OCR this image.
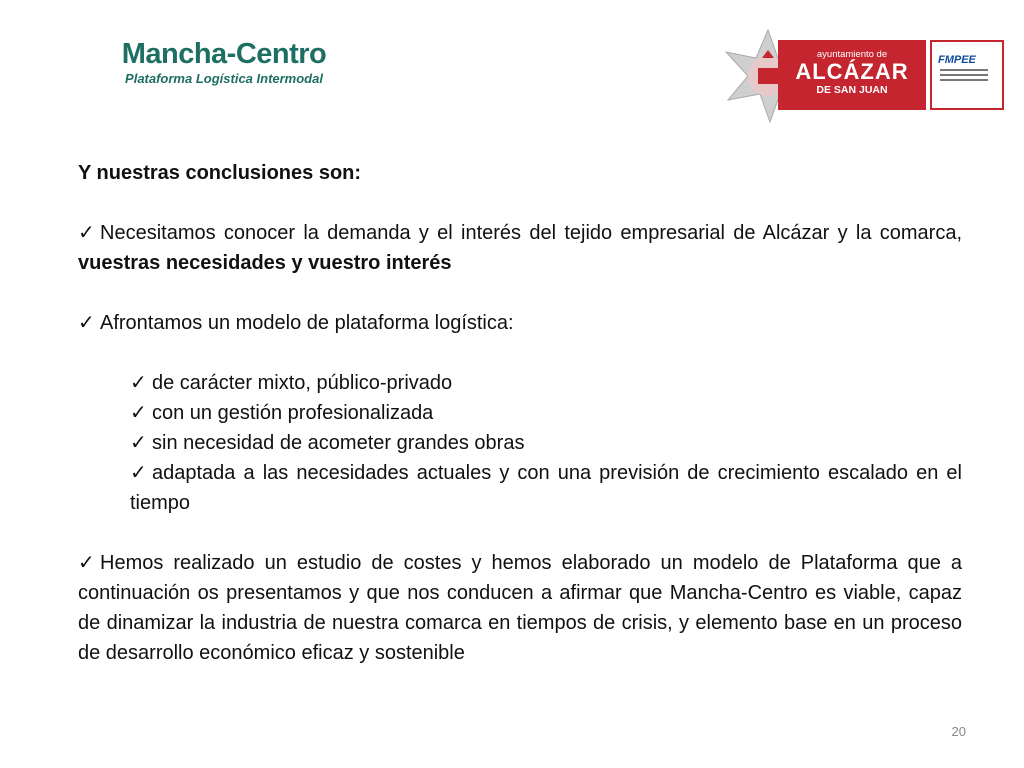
Mancha-Centro
Plataforma Logística Intermodal
ayuntamiento de
ALCÁZAR
DE SAN JUAN
FMPEE

Y nuestras conclusiones son:

✓ Necesitamos conocer la demanda y el interés del tejido empresarial de Alcázar y la comarca, vuestras necesidades y vuestro interés

✓ Afrontamos un modelo de plataforma logística:

✓ de carácter mixto, público-privado

✓ con un gestión profesionalizada

✓ sin necesidad de acometer grandes obras

✓ adaptada a las necesidades actuales y con una previsión de crecimiento escalado en el tiempo

✓ Hemos realizado un estudio de costes y hemos elaborado un modelo de Plataforma que a continuación os presentamos y que nos conducen a afirmar que Mancha-Centro es viable, capaz de dinamizar la industria de nuestra comarca en tiempos de crisis, y elemento base en un proceso de desarrollo económico eficaz y sostenible

20
